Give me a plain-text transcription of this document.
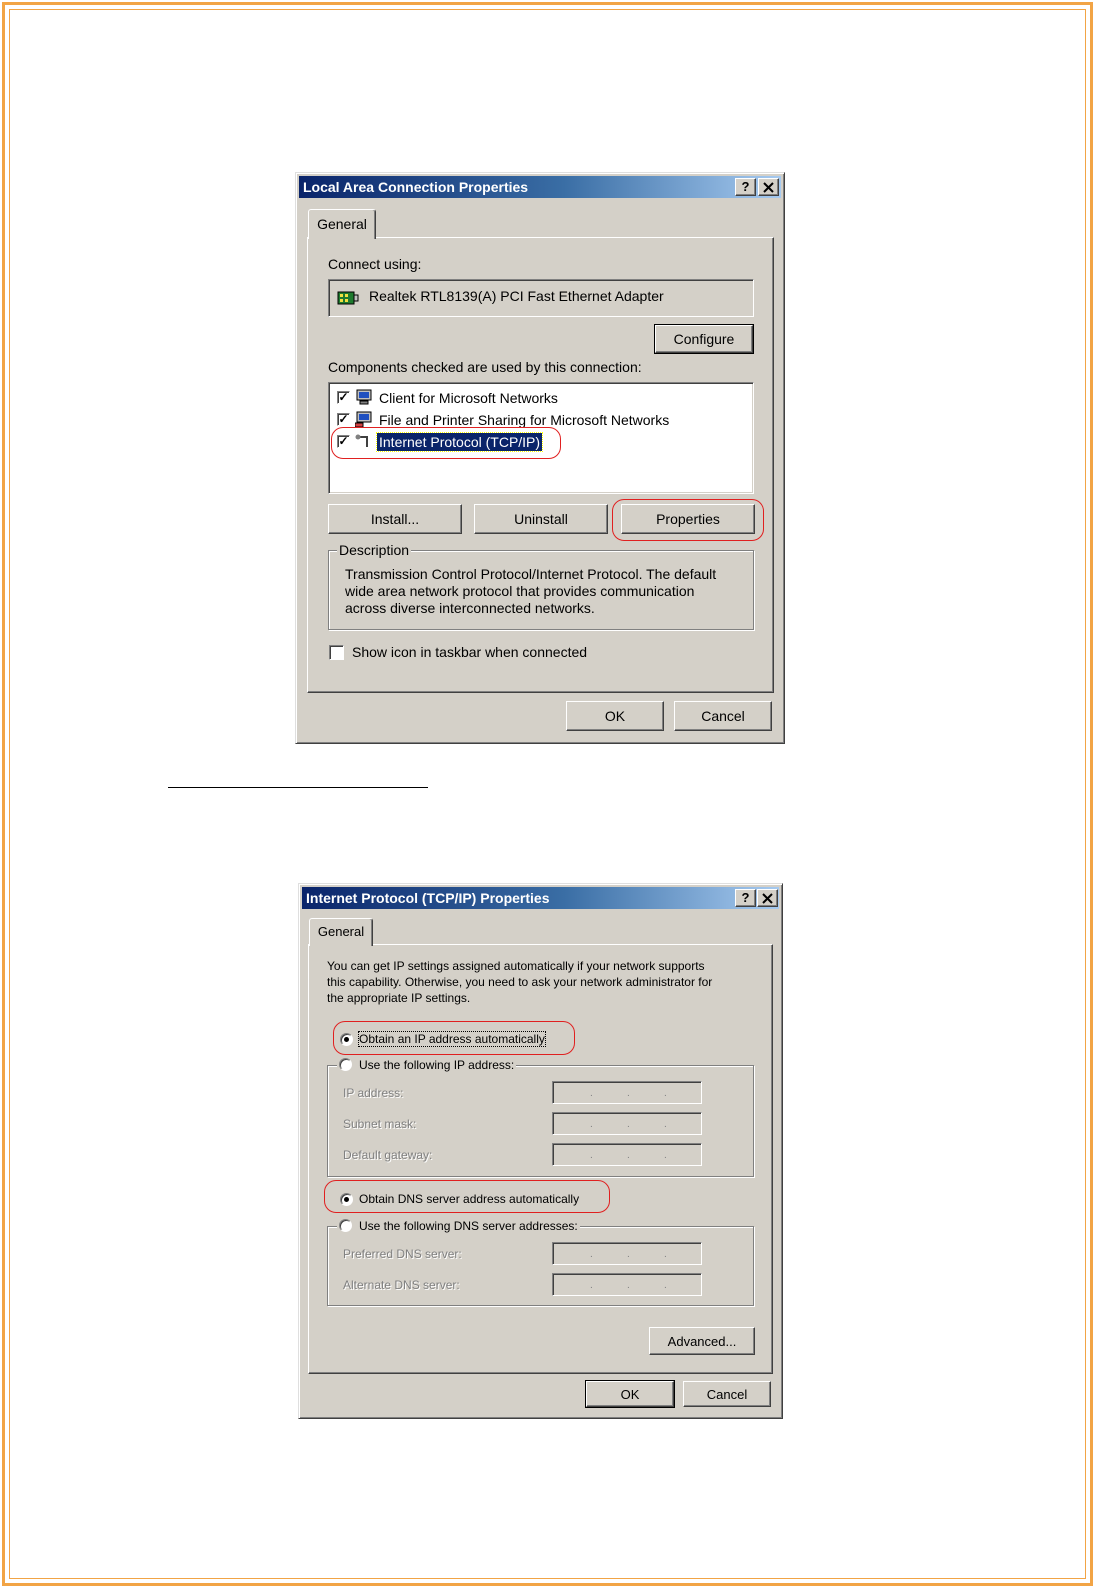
Local Area Connection Properties	?
General
Connect using:
Realtek RTL8139(A) PCI Fast Ethernet Adapter
Configure
Components checked are used by this connection:
✓ Client for Microsoft Networks
✓ File and Printer Sharing for Microsoft Networks
✓ Internet Protocol (TCP/IP)
Install...	Uninstall	Properties
Description
Transmission Control Protocol/Internet Protocol. The default
wide area network protocol that provides communication
across diverse interconnected networks.
Show icon in taskbar when connected
OK	Cancel
Internet Protocol (TCP/IP) Properties	?
General
You can get IP settings assigned automatically if your network supports
this capability. Otherwise, you need to ask your network administrator for
the appropriate IP settings.
Obtain an IP address automatically
Use the following IP address:
IP address:	.	.	.
Subnet mask:	.	.	.
Default gateway:	.	.	.
Obtain DNS server address automatically
Use the following DNS server addresses:
Preferred DNS server:	.	.	.
Alternate DNS server:	.	.	.
Advanced...
OK	Cancel
